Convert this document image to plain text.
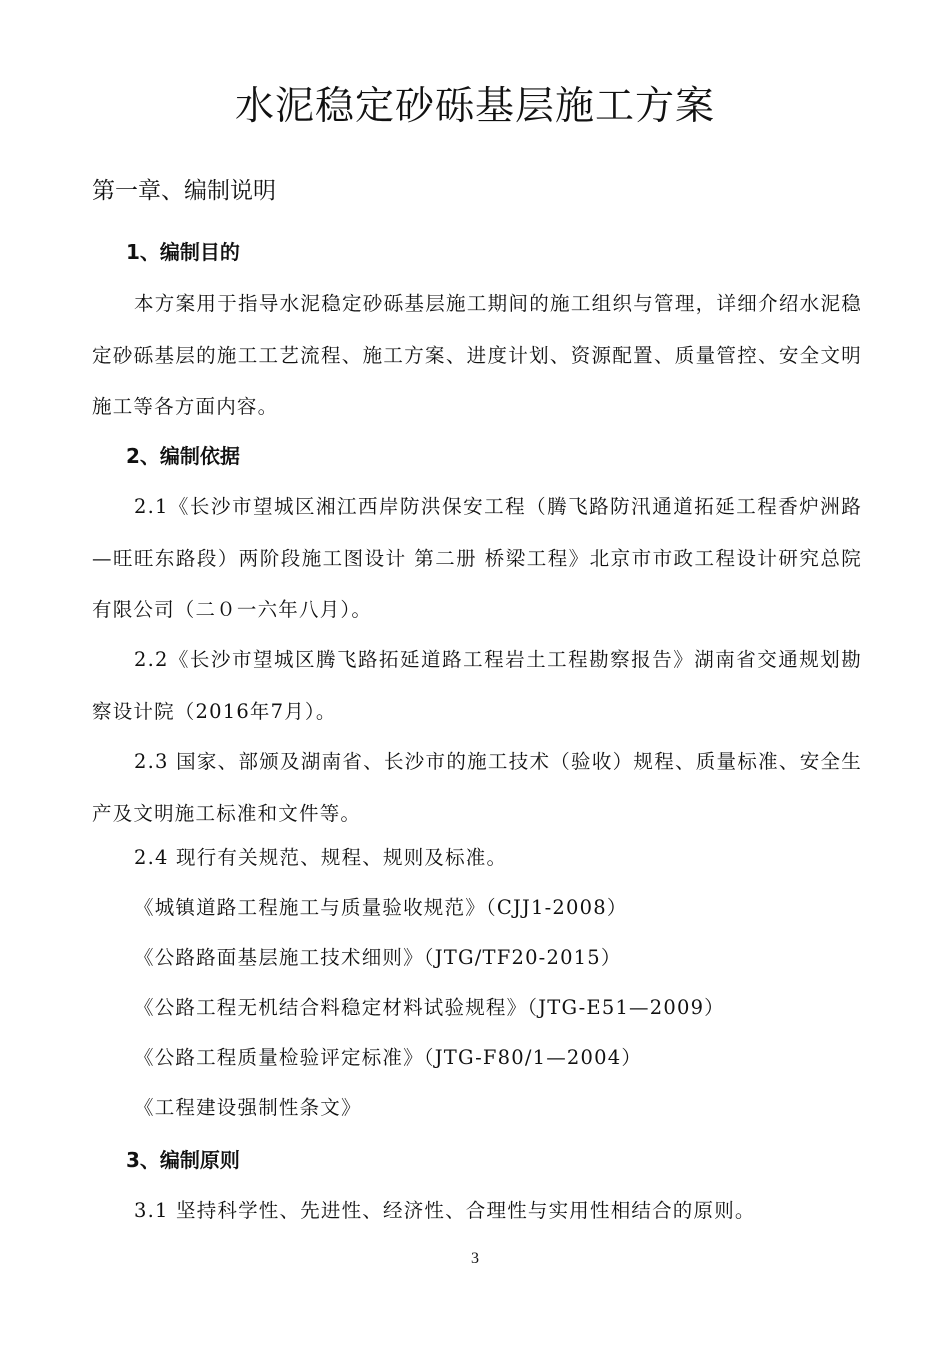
水泥稳定砂砾基层施工方案
第一章、编制说明
1、编制目的
本方案用于指导水泥稳定砂砾基层施工期间的施工组织与管理，详细介绍水泥稳定砂砾基层的施工工艺流程、施工方案、进度计划、资源配置、质量管控、安全文明施工等各方面内容。
2、编制依据
2.1《长沙市望城区湘江西岸防洪保安工程（腾飞路防汛通道拓延工程香炉洲路—旺旺东路段）两阶段施工图设计 第二册 桥梁工程》北京市市政工程设计研究总院有限公司（二０一六年八月）。
2.2《长沙市望城区腾飞路拓延道路工程岩土工程勘察报告》湖南省交通规划勘察设计院（2016年7月）。
2.3 国家、部颁及湖南省、长沙市的施工技术（验收）规程、质量标准、安全生产及文明施工标准和文件等。
2.4 现行有关规范、规程、规则及标准。
《城镇道路工程施工与质量验收规范》（CJJ1-2008）
《公路路面基层施工技术细则》（JTG/TF20-2015）
《公路工程无机结合料稳定材料试验规程》（JTG-E51—2009）
《公路工程质量检验评定标准》（JTG-F80/1—2004）
《工程建设强制性条文》
3、编制原则
3.1 坚持科学性、先进性、经济性、合理性与实用性相结合的原则。
3
